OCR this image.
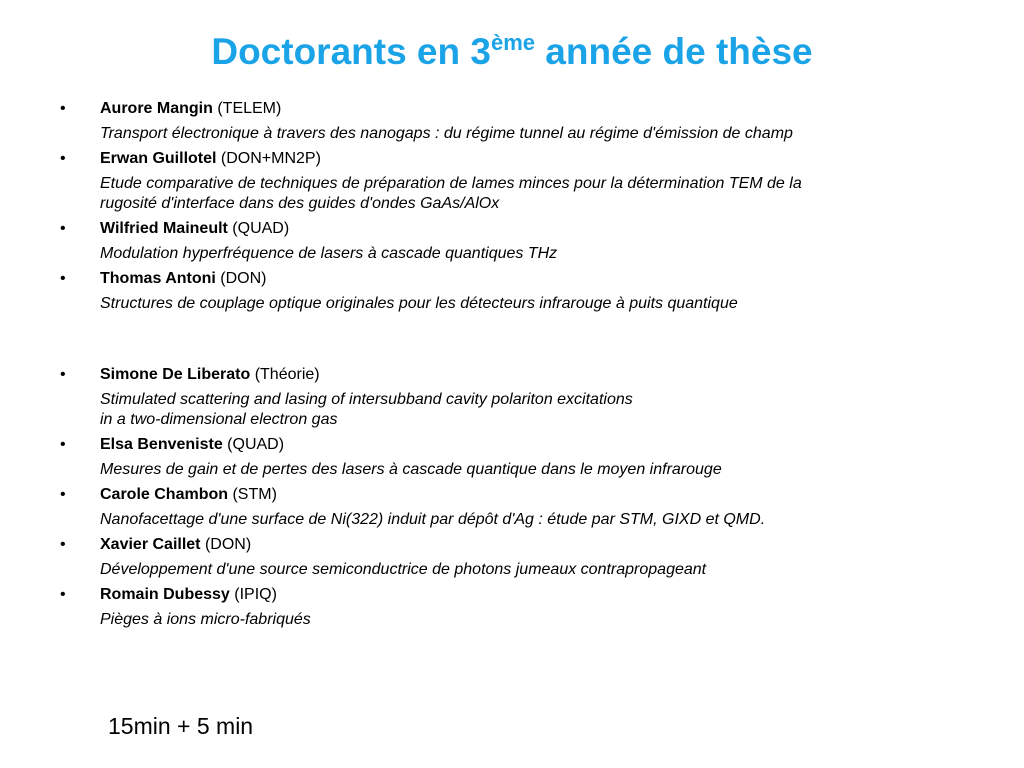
Doctorants en 3ème année de thèse
• Aurore Mangin (TELEM)
Transport électronique à travers des nanogaps : du régime tunnel au régime d'émission de champ
• Erwan Guillotel (DON+MN2P)
Etude comparative de techniques de préparation de lames minces pour la détermination TEM de la
rugosité d'interface dans des guides d'ondes GaAs/AlOx
• Wilfried Maineult (QUAD)
Modulation hyperfréquence de lasers à cascade quantiques THz
• Thomas Antoni (DON)
Structures de couplage optique originales pour les détecteurs infrarouge à puits quantique
• Simone De Liberato (Théorie)
Stimulated scattering and lasing of intersubband cavity polariton excitations
in a two-dimensional electron gas
• Elsa Benveniste (QUAD)
Mesures de gain et de pertes des lasers à cascade quantique dans le moyen infrarouge
• Carole Chambon (STM)
Nanofacettage d'une surface de Ni(322) induit par dépôt d'Ag : étude par STM, GIXD et QMD.
• Xavier Caillet (DON)
Développement d'une source semiconductrice de photons jumeaux contrapropageant
• Romain Dubessy (IPIQ)
Pièges à ions micro-fabriqués
15min + 5 min
